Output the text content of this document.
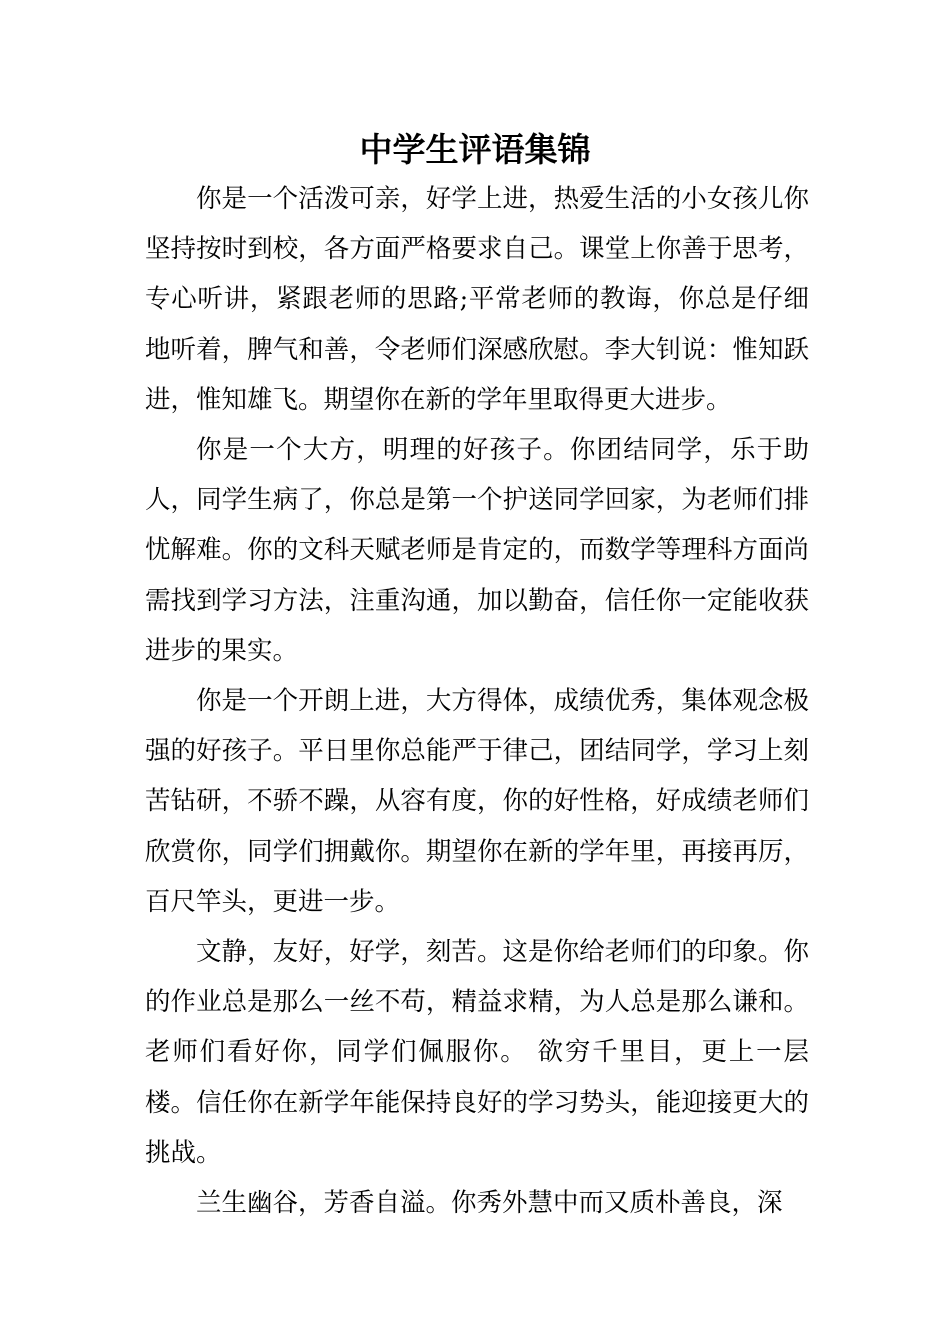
中学生评语集锦

你是一个活泼可亲，好学上进，热爱生活的小女孩儿你坚持按时到校，各方面严格要求自己。课堂上你善于思考，专心听讲，紧跟老师的思路;平常老师的教诲，你总是仔细地听着，脾气和善，令老师们深感欣慰。李大钊说：惟知跃进，惟知雄飞。期望你在新的学年里取得更大进步。

你是一个大方，明理的好孩子。你团结同学，乐于助人，同学生病了，你总是第一个护送同学回家，为老师们排忧解难。你的文科天赋老师是肯定的，而数学等理科方面尚需找到学习方法，注重沟通，加以勤奋，信任你一定能收获进步的果实。

你是一个开朗上进，大方得体，成绩优秀，集体观念极强的好孩子。平日里你总能严于律己，团结同学，学习上刻苦钻研，不骄不躁，从容有度，你的好性格，好成绩老师们欣赏你，同学们拥戴你。期望你在新的学年里，再接再厉，百尺竿头，更进一步。

文静，友好，好学，刻苦。这是你给老师们的印象。你的作业总是那么一丝不苟，精益求精，为人总是那么谦和。老师们看好你，同学们佩服你。 欲穷千里目，更上一层楼。信任你在新学年能保持良好的学习势头，能迎接更大的挑战。

兰生幽谷，芳香自溢。你秀外慧中而又质朴善良，深
